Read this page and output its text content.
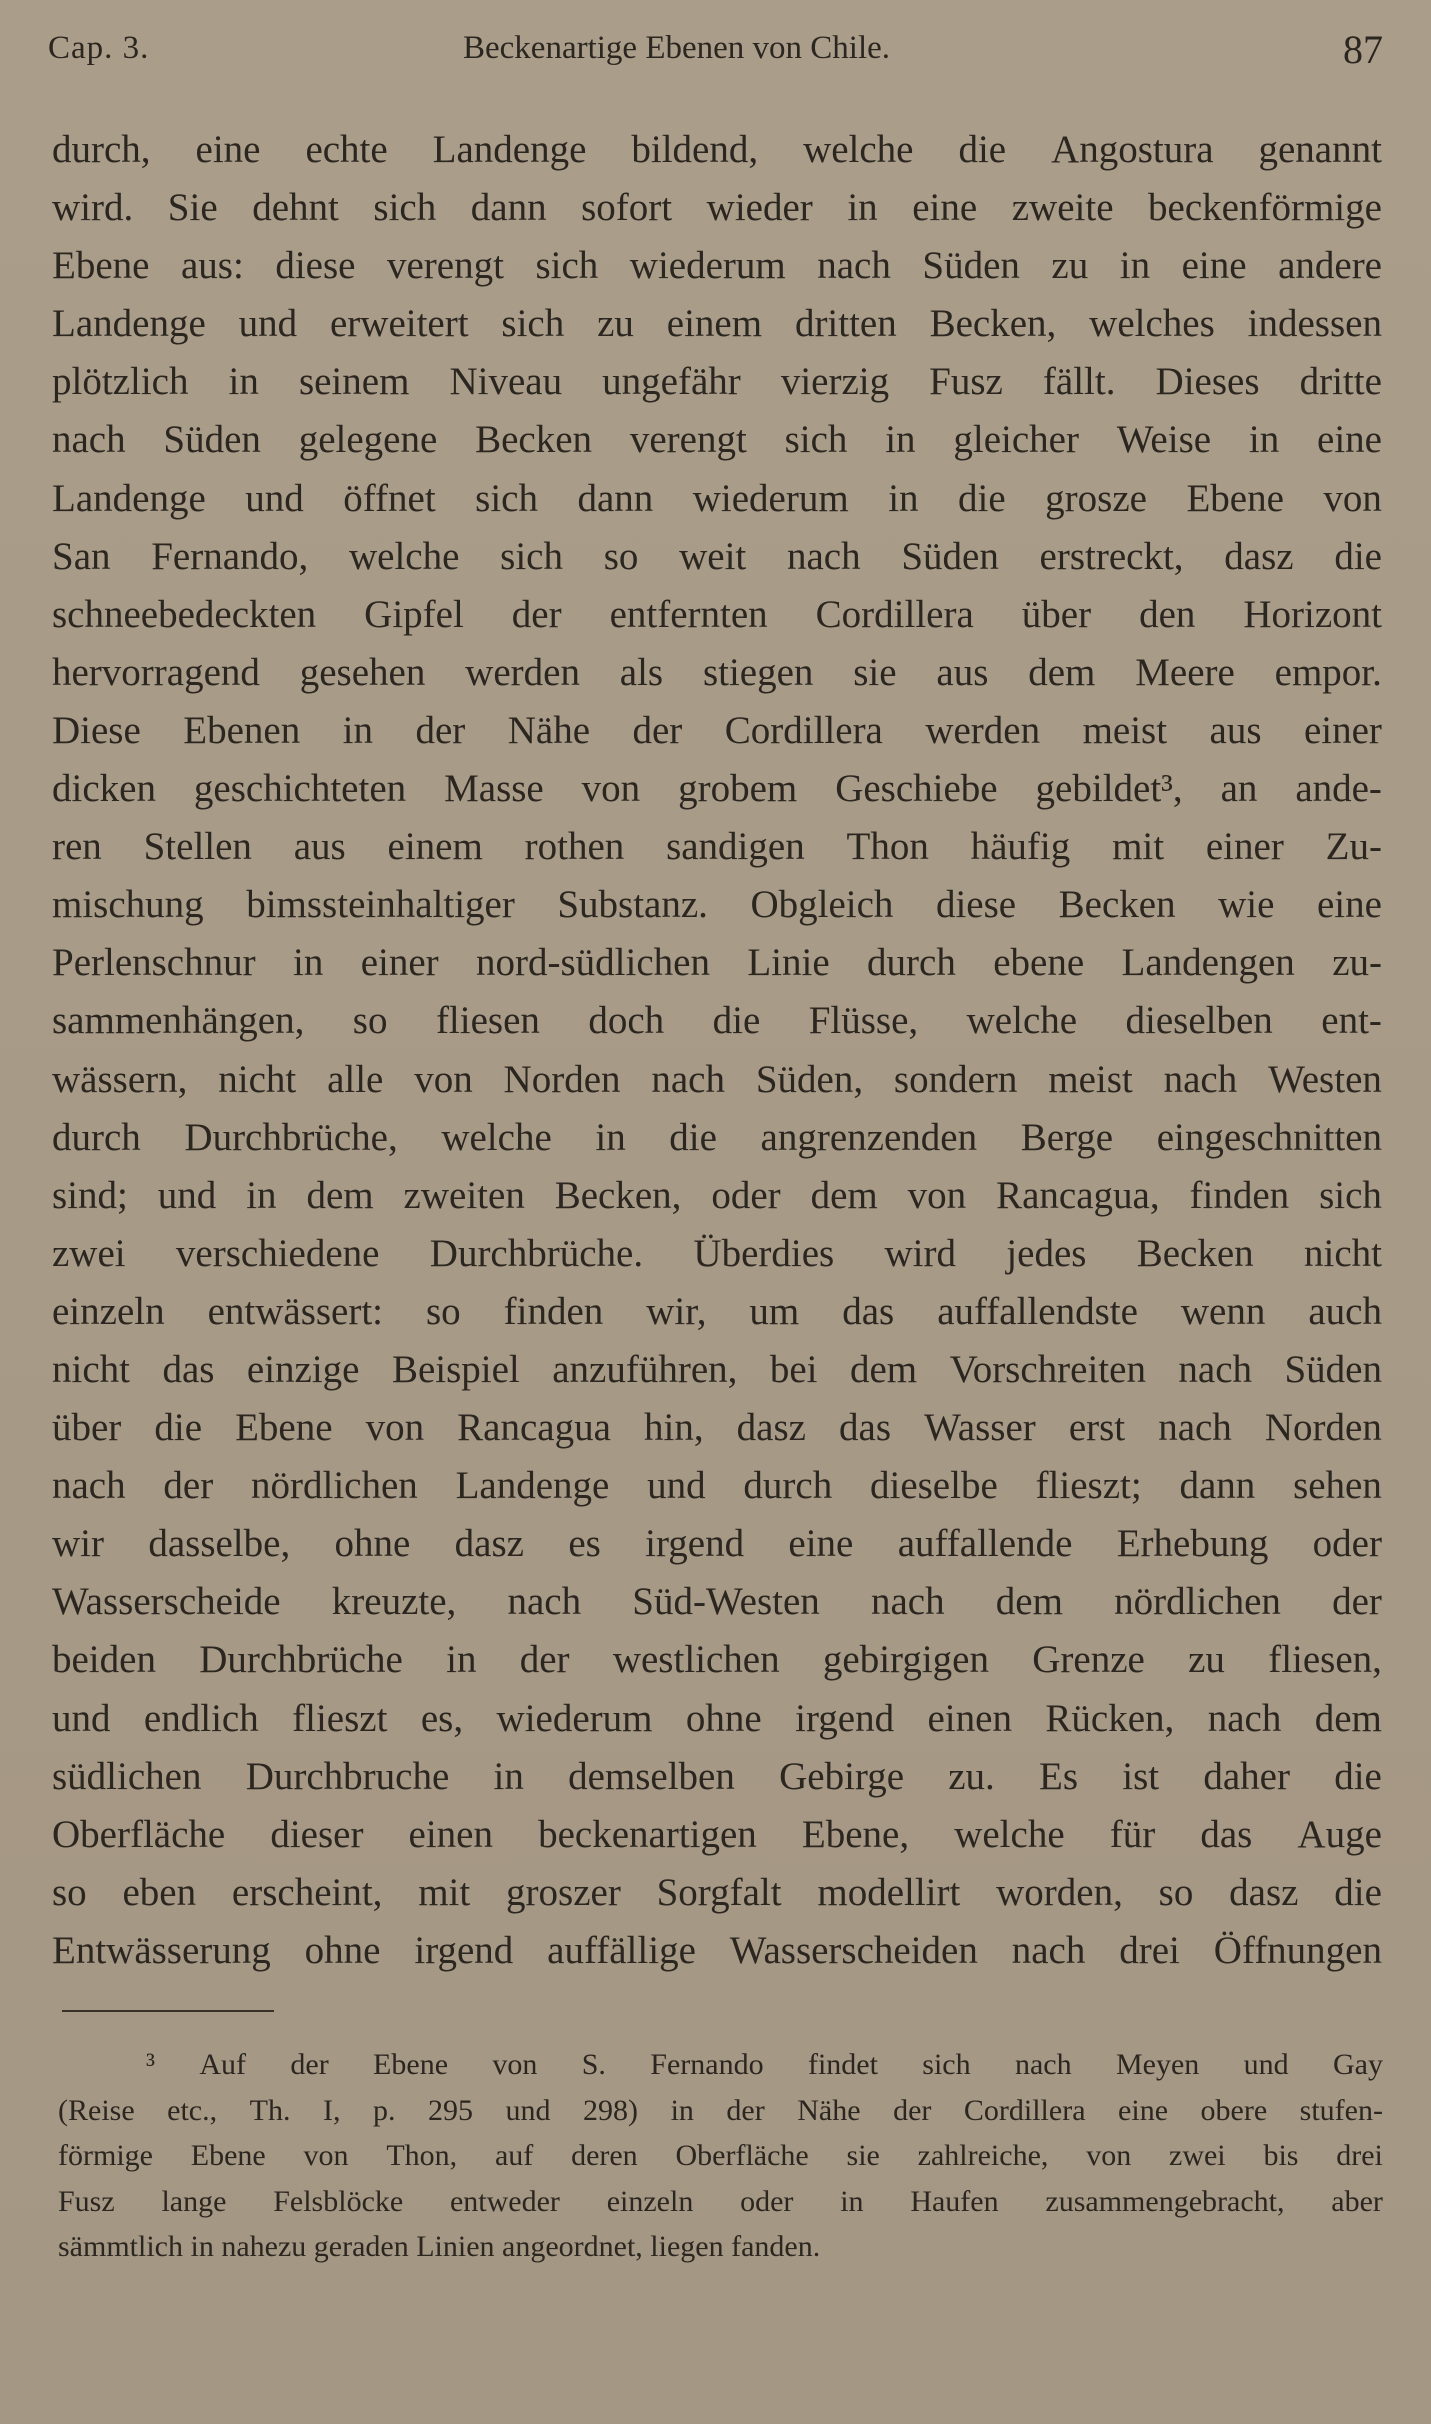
Cap. 3.	Beckenartige Ebenen von Chile.	87
durch, eine echte Landenge bildend, welche die Angostura genannt
wird. Sie dehnt sich dann sofort wieder in eine zweite beckenförmige
Ebene aus: diese verengt sich wiederum nach Süden zu in eine andere
Landenge und erweitert sich zu einem dritten Becken, welches indessen
plötzlich in seinem Niveau ungefähr vierzig Fusz fällt. Dieses dritte
nach Süden gelegene Becken verengt sich in gleicher Weise in eine
Landenge und öffnet sich dann wiederum in die grosze Ebene von
San Fernando, welche sich so weit nach Süden erstreckt, dasz die
schneebedeckten Gipfel der entfernten Cordillera über den Horizont
hervorragend gesehen werden als stiegen sie aus dem Meere empor.
Diese Ebenen in der Nähe der Cordillera werden meist aus einer
dicken geschichteten Masse von grobem Geschiebe gebildet³, an ande-
ren Stellen aus einem rothen sandigen Thon häufig mit einer Zu-
mischung bimssteinhaltiger Substanz. Obgleich diese Becken wie eine
Perlenschnur in einer nord-südlichen Linie durch ebene Landengen zu-
sammenhängen, so fliesen doch die Flüsse, welche dieselben ent-
wässern, nicht alle von Norden nach Süden, sondern meist nach Westen
durch Durchbrüche, welche in die angrenzenden Berge eingeschnitten
sind; und in dem zweiten Becken, oder dem von Rancagua, finden sich
zwei verschiedene Durchbrüche. Überdies wird jedes Becken nicht
einzeln entwässert: so finden wir, um das auffallendste wenn auch
nicht das einzige Beispiel anzuführen, bei dem Vorschreiten nach Süden
über die Ebene von Rancagua hin, dasz das Wasser erst nach Norden
nach der nördlichen Landenge und durch dieselbe flieszt; dann sehen
wir dasselbe, ohne dasz es irgend eine auffallende Erhebung oder
Wasserscheide kreuzte, nach Süd-Westen nach dem nördlichen der
beiden Durchbrüche in der westlichen gebirgigen Grenze zu fliesen,
und endlich flieszt es, wiederum ohne irgend einen Rücken, nach dem
südlichen Durchbruche in demselben Gebirge zu. Es ist daher die
Oberfläche dieser einen beckenartigen Ebene, welche für das Auge
so eben erscheint, mit groszer Sorgfalt modellirt worden, so dasz die
Entwässerung ohne irgend auffällige Wasserscheiden nach drei Öffnungen
³ Auf der Ebene von S. Fernando findet sich nach Meyen und Gay
(Reise etc., Th. I, p. 295 und 298) in der Nähe der Cordillera eine obere stufen-
förmige Ebene von Thon, auf deren Oberfläche sie zahlreiche, von zwei bis drei
Fusz lange Felsblöcke entweder einzeln oder in Haufen zusammengebracht, aber
sämmtlich in nahezu geraden Linien angeordnet, liegen fanden.
